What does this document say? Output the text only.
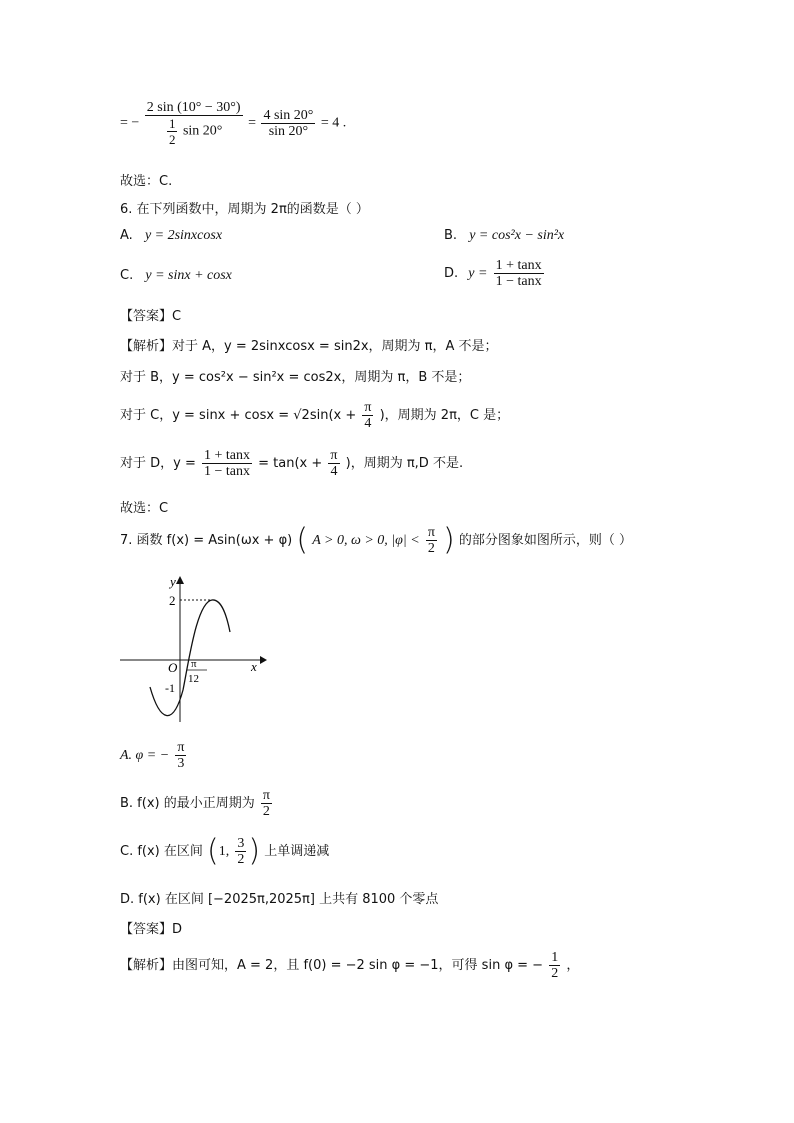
= − $\frac{2 \sin (10^\circ - 30^\circ)}{\frac{1}{2} \sin 20^\circ} = \frac{4 \sin 20^\circ}{\sin 20^\circ} = 4$ .
故选：C.
6. 在下列函数中，周期为 2π的函数是（ ）
A. y = 2sinxcosx	B. y = cos²x − sin²x
C. y = sinx + cosx	D. $y = \frac{1 + \tan x}{1 - \tan x}$
【答案】C
【解析】对于 A，y = 2sinxcosx = sin2x，周期为 π，A 不是；
对于 B，y = cos²x − sin²x = cos2x，周期为 π，B 不是；
对于 C，$y = \sin x + \cos x = √2\sin(x + \frac{\pi}{4}$ )，周期为 2π，C 是；
对于 D，$y = \frac{1 + \tan x}{1 - \tan x} = \tan(x + \frac{\pi}{4}$ )，周期为 π,D 不是.
故选：C
7. 函数 f(x) = Asin(ωx + φ) ( A > 0, ω > 0, $|\varphi| < \frac{\pi}{2}$ ) 的部分图象如图所示，则（ ）
y
x
O
2
-1
π
12
A. φ = − $\frac{\pi}{3}$
B. f(x) 的最小正周期为 $\frac{\pi}{2}$
C. f(x) 在区间 (1, $\frac{3}{2}$ ) 上单调递减
D. f(x) 在区间 [−2025π,2025π] 上共有 8100 个零点
【答案】D
【解析】由图可知，A = 2，且 f(0) = −2 sin φ = −1，可得 sin φ = − $\frac{1}{2}$ ，
